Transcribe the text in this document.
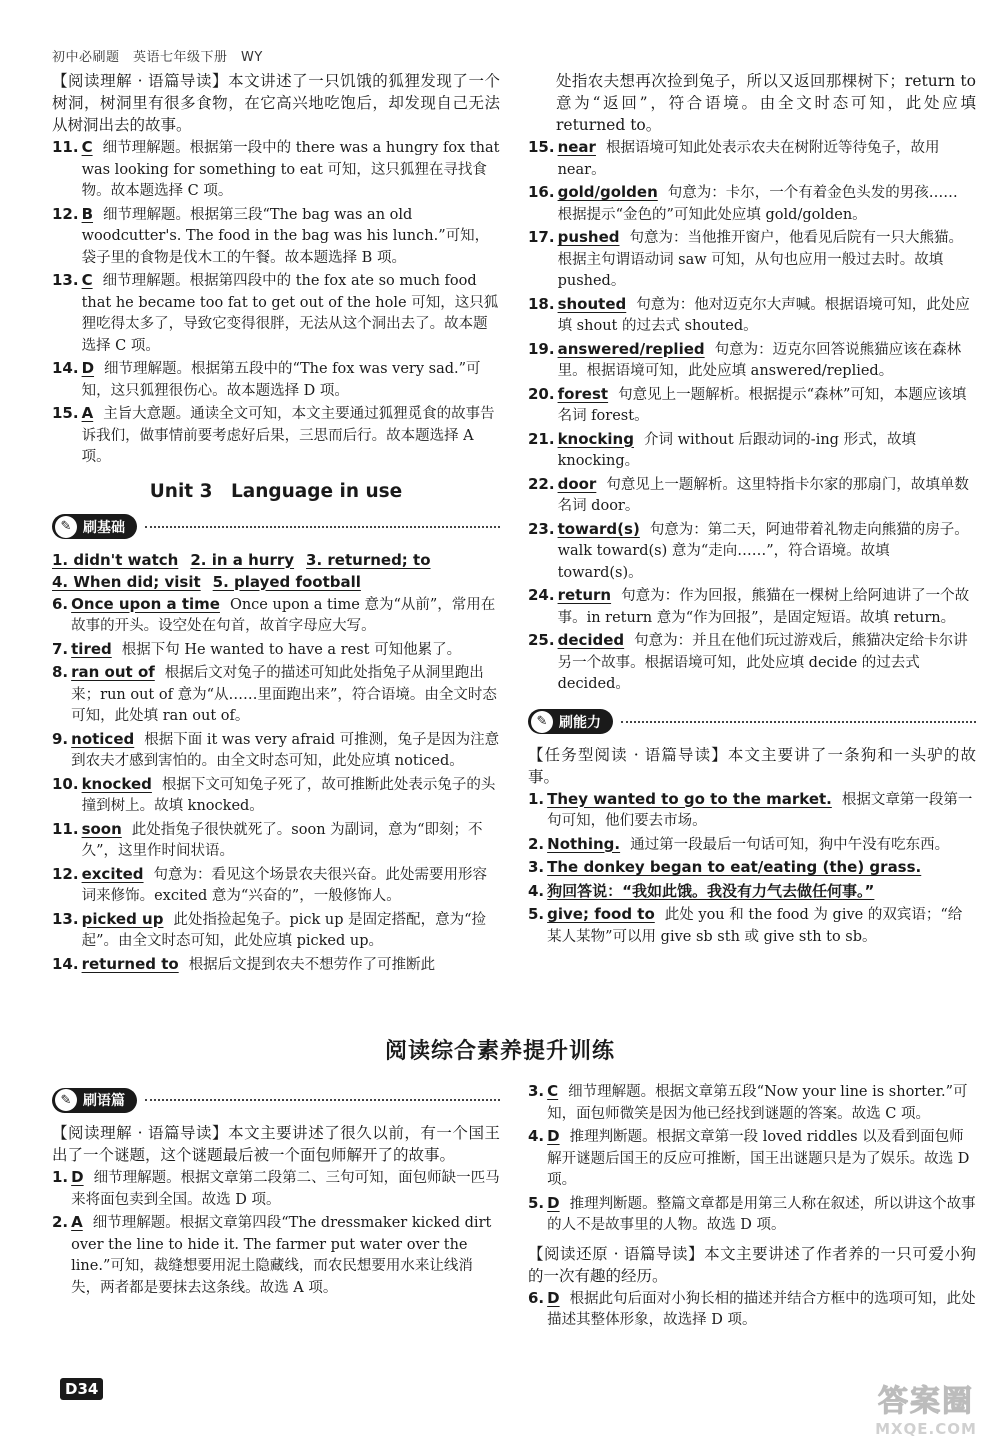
初中必刷题　英语七年级下册　WY

【阅读理解 · 语篇导读】本文讲述了一只饥饿的狐狸发现了一个树洞，树洞里有很多食物，在它高兴地吃饱后，却发现自己无法从树洞出去的故事。

11. C 细节理解题。根据第一段中的 there was a hungry fox that was looking for something to eat 可知，这只狐狸在寻找食物。故本题选择 C 项。
12. B 细节理解题。根据第三段“The bag was an old woodcutter's. The food in the bag was his lunch.”可知，袋子里的食物是伐木工的午餐。故本题选择 B 项。
13. C 细节理解题。根据第四段中的 the fox ate so much food that he became too fat to get out of the hole 可知，这只狐狸吃得太多了，导致它变得很胖，无法从这个洞出去了。故本题选择 C 项。
14. D 细节理解题。根据第五段中的“The fox was very sad.”可知，这只狐狸很伤心。故本题选择 D 项。
15. A 主旨大意题。通读全文可知，本文主要通过狐狸觅食的故事告诉我们，做事情前要考虑好后果，三思而后行。故本题选择 A 项。
Unit 3　Language in use
✎ 刷基础
1. didn't watch 2. in a hurry 3. returned; to
4. When did; visit 5. played football
6. Once upon a time Once upon a time 意为“从前”，常用在故事的开头。设空处在句首，故首字母应大写。
7. tired 根据下句 He wanted to have a rest 可知他累了。
8. ran out of 根据后文对兔子的描述可知此处指兔子从洞里跑出来；run out of 意为“从……里面跑出来”，符合语境。由全文时态可知，此处填 ran out of。
9. noticed 根据下面 it was very afraid 可推测，兔子是因为注意到农夫才感到害怕的。由全文时态可知，此处应填 noticed。
10. knocked 根据下文可知兔子死了，故可推断此处表示兔子的头撞到树上。故填 knocked。
11. soon 此处指兔子很快就死了。soon 为副词，意为“即刻；不久”，这里作时间状语。
12. excited 句意为：看见这个场景农夫很兴奋。此处需要用形容词来修饰。excited 意为“兴奋的”，一般修饰人。
13. picked up 此处指捡起兔子。pick up 是固定搭配，意为“捡起”。由全文时态可知，此处应填 picked up。
14. returned to 根据后文提到农夫不想劳作了可推断此

处指农夫想再次捡到兔子，所以又返回那棵树下；return to 意为“返回”，符合语境。由全文时态可知，此处应填 returned to。

15. near 根据语境可知此处表示农夫在树附近等待兔子，故用 near。
16. gold/golden 句意为：卡尔，一个有着金色头发的男孩…… 根据提示“金色的”可知此处应填 gold/golden。
17. pushed 句意为：当他推开窗户，他看见后院有一只大熊猫。根据主句谓语动词 saw 可知，从句也应用一般过去时。故填 pushed。
18. shouted 句意为：他对迈克尔大声喊。根据语境可知，此处应填 shout 的过去式 shouted。
19. answered/replied 句意为：迈克尔回答说熊猫应该在森林里。根据语境可知，此处应填 answered/replied。
20. forest 句意见上一题解析。根据提示“森林”可知，本题应该填名词 forest。
21. knocking 介词 without 后跟动词的-ing 形式，故填 knocking。
22. door 句意见上一题解析。这里特指卡尔家的那扇门，故填单数名词 door。
23. toward(s) 句意为：第二天，阿迪带着礼物走向熊猫的房子。walk toward(s) 意为“走向……”，符合语境。故填 toward(s)。
24. return 句意为：作为回报，熊猫在一棵树上给阿迪讲了一个故事。in return 意为“作为回报”，是固定短语。故填 return。
25. decided 句意为：并且在他们玩过游戏后，熊猫决定给卡尔讲另一个故事。根据语境可知，此处应填 decide 的过去式 decided。
✎ 刷能力

【任务型阅读 · 语篇导读】本文主要讲了一条狗和一头驴的故事。

1. They wanted to go to the market. 根据文章第一段第一句可知，他们要去市场。
2. Nothing. 通过第一段最后一句话可知，狗中午没有吃东西。
3. The donkey began to eat/eating (the) grass.
4. 狗回答说：“我如此饿。我没有力气去做任何事。”
5. give; food to 此处 you 和 the food 为 give 的双宾语；“给某人某物”可以用 give sb sth 或 give sth to sb。
阅读综合素养提升训练
✎ 刷语篇

【阅读理解 · 语篇导读】本文主要讲述了很久以前，有一个国王出了一个谜题，这个谜题最后被一个面包师解开了的故事。

1. D 细节理解题。根据文章第二段第二、三句可知，面包师缺一匹马来将面包卖到全国。故选 D 项。
2. A 细节理解题。根据文章第四段“The dressmaker kicked dirt over the line to hide it. The farmer put water over the line.”可知，裁缝想要用泥土隐藏线，而农民想要用水来让线消失，两者都是要抹去这条线。故选 A 项。
3. C 细节理解题。根据文章第五段“Now your line is shorter.”可知，面包师微笑是因为他已经找到谜题的答案。故选 C 项。
4. D 推理判断题。根据文章第一段 loved riddles 以及看到面包师解开谜题后国王的反应可推断，国王出谜题只是为了娱乐。故选 D 项。
5. D 推理判断题。整篇文章都是用第三人称在叙述，所以讲这个故事的人不是故事里的人物。故选 D 项。

【阅读还原 · 语篇导读】本文主要讲述了作者养的一只可爱小狗的一次有趣的经历。

6. D 根据此句后面对小狗长相的描述并结合方框中的选项可知，此处描述其整体形象，故选择 D 项。
D34	答案圈
MXQE.COM
